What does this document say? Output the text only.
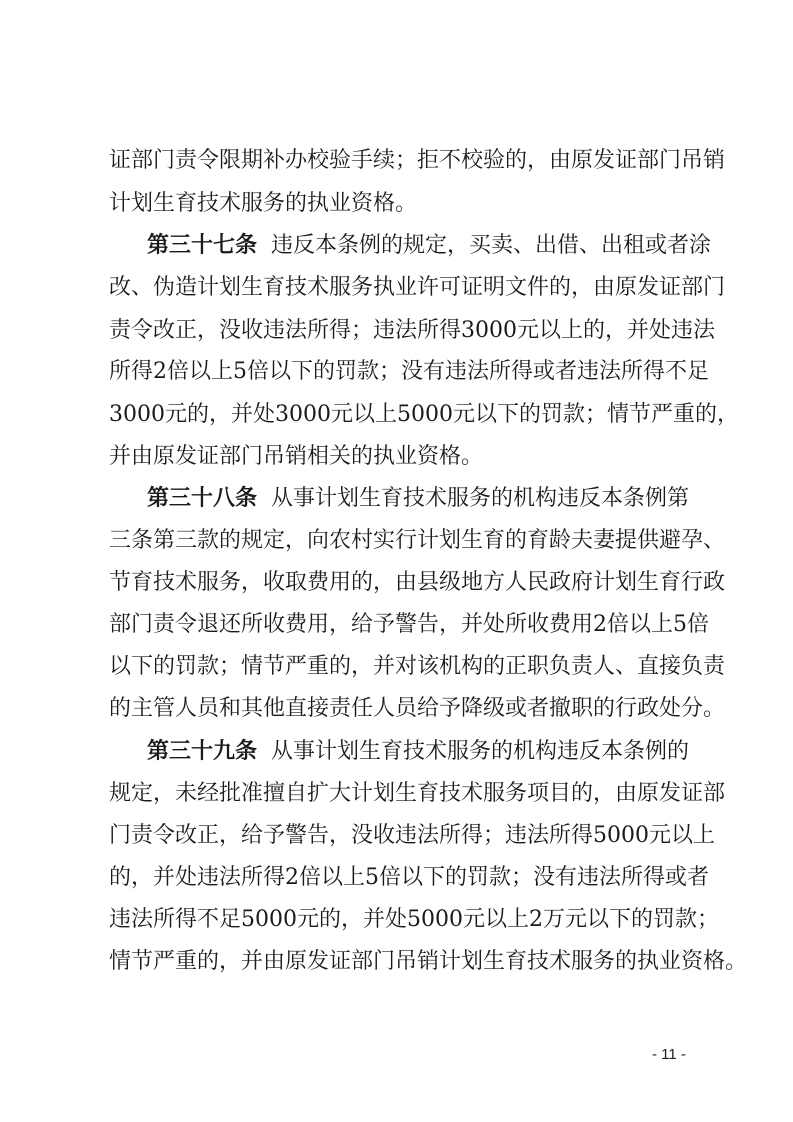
证部门责令限期补办校验手续；拒不校验的，由原发证部门吊销
计划生育技术服务的执业资格。
第三十七条 违反本条例的规定，买卖、出借、出租或者涂
改、伪造计划生育技术服务执业许可证明文件的，由原发证部门
责令改正，没收违法所得；违法所得3000元以上的，并处违法
所得2倍以上5倍以下的罚款；没有违法所得或者违法所得不足
3000元的，并处3000元以上5000元以下的罚款；情节严重的，
并由原发证部门吊销相关的执业资格。
第三十八条 从事计划生育技术服务的机构违反本条例第
三条第三款的规定，向农村实行计划生育的育龄夫妻提供避孕、
节育技术服务，收取费用的，由县级地方人民政府计划生育行政
部门责令退还所收费用，给予警告，并处所收费用2倍以上5倍
以下的罚款；情节严重的，并对该机构的正职负责人、直接负责
的主管人员和其他直接责任人员给予降级或者撤职的行政处分。
第三十九条 从事计划生育技术服务的机构违反本条例的
规定，未经批准擅自扩大计划生育技术服务项目的，由原发证部
门责令改正，给予警告，没收违法所得；违法所得5000元以上
的，并处违法所得2倍以上5倍以下的罚款；没有违法所得或者
违法所得不足5000元的，并处5000元以上2万元以下的罚款；
情节严重的，并由原发证部门吊销计划生育技术服务的执业资格。
- 11 -
